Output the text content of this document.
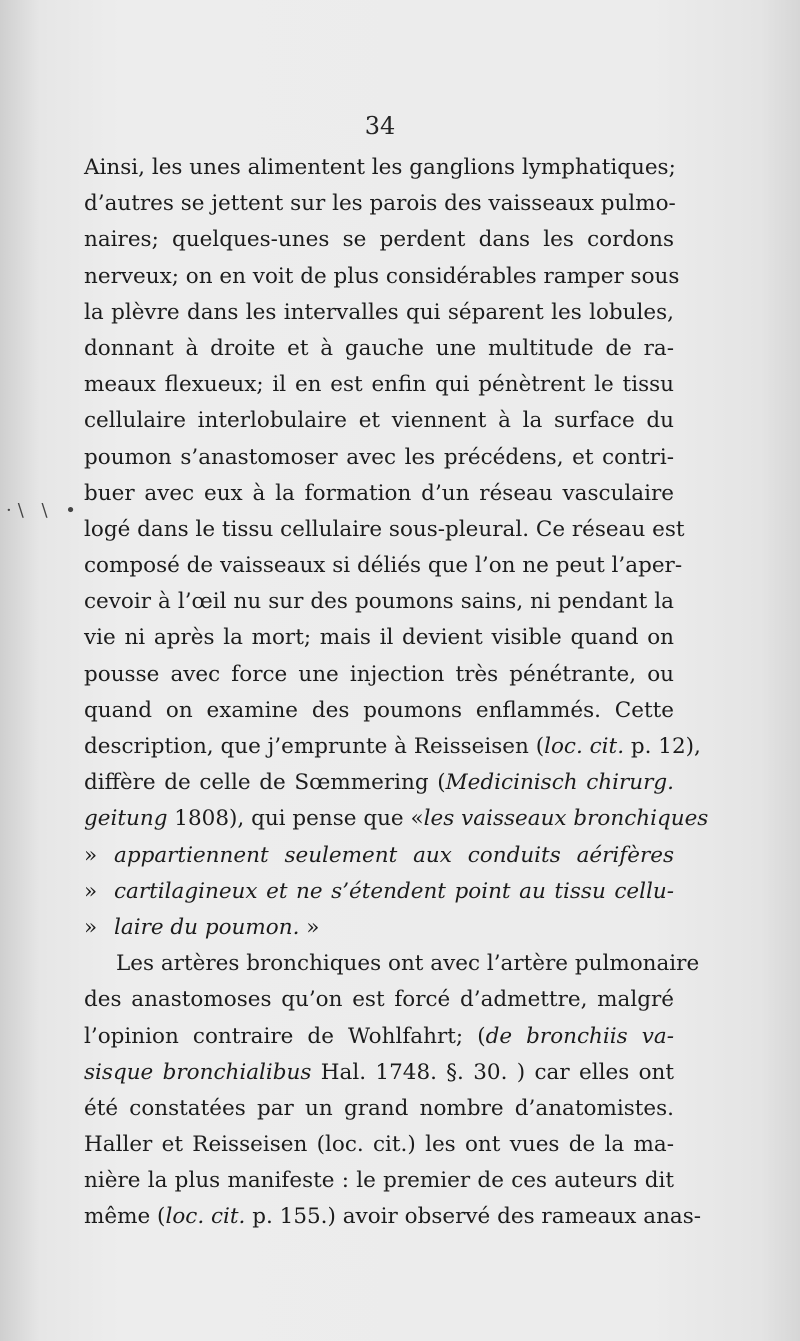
34
·\ \ •
Ainsi, les unes alimentent les ganglions lymphatiques;
d’autres se jettent sur les parois des vaisseaux pulmo-
naires; quelques-unes se perdent dans les cordons
nerveux; on en voit de plus considérables ramper sous
la plèvre dans les intervalles qui séparent les lobules,
donnant à droite et à gauche une multitude de ra-
meaux flexueux; il en est enfin qui pénètrent le tissu
cellulaire interlobulaire et viennent à la surface du
poumon s’anastomoser avec les précédens, et contri-
buer avec eux à la formation d’un réseau vasculaire
logé dans le tissu cellulaire sous-pleural. Ce réseau est
composé de vaisseaux si déliés que l’on ne peut l’aper-
cevoir à l’œil nu sur des poumons sains, ni pendant la
vie ni après la mort; mais il devient visible quand on
pousse avec force une injection très pénétrante, ou
quand on examine des poumons enflammés. Cette
description, que j’emprunte à Reisseisen (loc. cit. p. 12),
diffère de celle de Sœmmering (Medicinisch chirurg.
geitung 1808), qui pense que «les vaisseaux bronchiques
» appartiennent seulement aux conduits aérifères
» cartilagineux et ne s’étendent point au tissu cellu-
» laire du poumon. »
Les artères bronchiques ont avec l’artère pulmonaire
des anastomoses qu’on est forcé d’admettre, malgré
l’opinion contraire de Wohlfahrt; (de bronchiis va-
sisque bronchialibus Hal. 1748. §. 30. ) car elles ont
été constatées par un grand nombre d’anatomistes.
Haller et Reisseisen (loc. cit.) les ont vues de la ma-
nière la plus manifeste : le premier de ces auteurs dit
même (loc. cit. p. 155.) avoir observé des rameaux anas-
